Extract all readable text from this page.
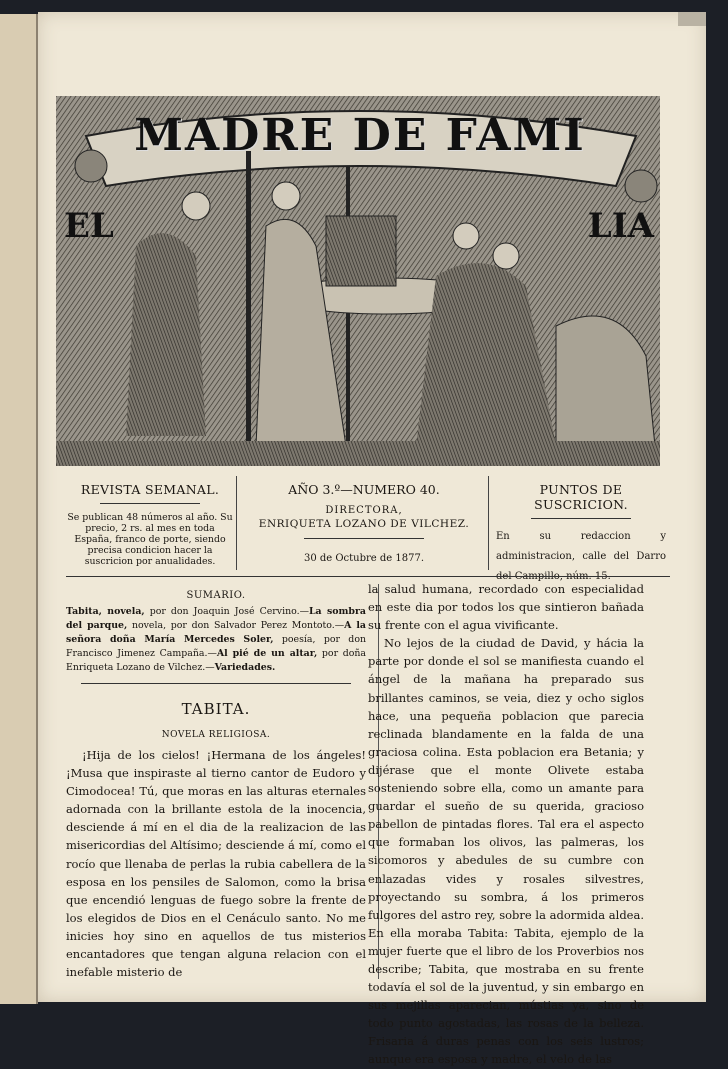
MADRE DE FAMI
EL	LIA
REVISTA SEMANAL.
Se publican 48 números al año. Su precio, 2 rs. al mes en toda España, franco de porte, siendo precisa condicion hacer la suscricion por anualidades.
AÑO 3.º—NUMERO 40.
DIRECTORA,
ENRIQUETA LOZANO DE VILCHEZ.
30 de Octubre de 1877.
PUNTOS DE SUSCRICION.
En su redaccion y administracion, calle del Darro
SUMARIO.
Tabita, novela, por don Joaquin José Cervino.—La sombra del parque, novela, por don Salvador Perez Montoto.—A la señora doña María Mercedes Soler, poesía, por don Francisco Jimenez Campaña.—Al pié de un altar, por doña Enriqueta Lozano de Vilchez.—Variedades.
TABITA.
NOVELA RELIGIOSA.

¡Hija de los cielos! ¡Hermana de los ángeles! ¡Musa que inspiraste al tierno cantor de Eudoro y Cimodocea! Tú, que moras en las alturas eternales adornada con la brillante estola de la inocencia, desciende á mí en el dia de la realizacion de las misericordias del Altísimo; desciende á mí, como el rocío que llenaba de perlas la rubia cabellera de la esposa en los pensiles de Salomon, como la brisa que encendió lenguas de fuego sobre la frente de los elegidos de Dios en el Cenáculo santo. No me inicies hoy sino en aquellos de tus misterios encantadores que tengan alguna relacion con el inefable misterio de

la salud humana, recordado con especialidad en este dia por todos los que sintieron bañada su frente con el agua vivificante.

No lejos de la ciudad de David, y hácia la parte por donde el sol se manifiesta cuando el ángel de la mañana ha preparado sus brillantes caminos, se veia, diez y ocho siglos hace, una pequeña poblacion que parecia reclinada blandamente en la falda de una graciosa colina. Esta poblacion era Betania; y dijérase que el monte Olivete estaba sosteniendo sobre ella, como un amante para guardar el sueño de su querida, gracioso pabellon de pintadas flores. Tal era el aspecto que formaban los olivos, las palmeras, los sicomoros y abedules de su cumbre con enlazadas vides y rosales silvestres, proyectando su sombra, á los primeros fulgores del astro rey, sobre la adormida aldea. En ella moraba Tabita: Tabita, ejemplo de la mujer fuerte que el libro de los Proverbios nos describe; Tabita, que mostraba en su frente todavía el sol de la juventud, y sin embargo en sus mejillas aparecian, mústias ya, sino de todo punto agostadas, las rosas de la belleza. Frisaria á duras penas con los seis lustros; aunque era esposa y madre, el velo de las
